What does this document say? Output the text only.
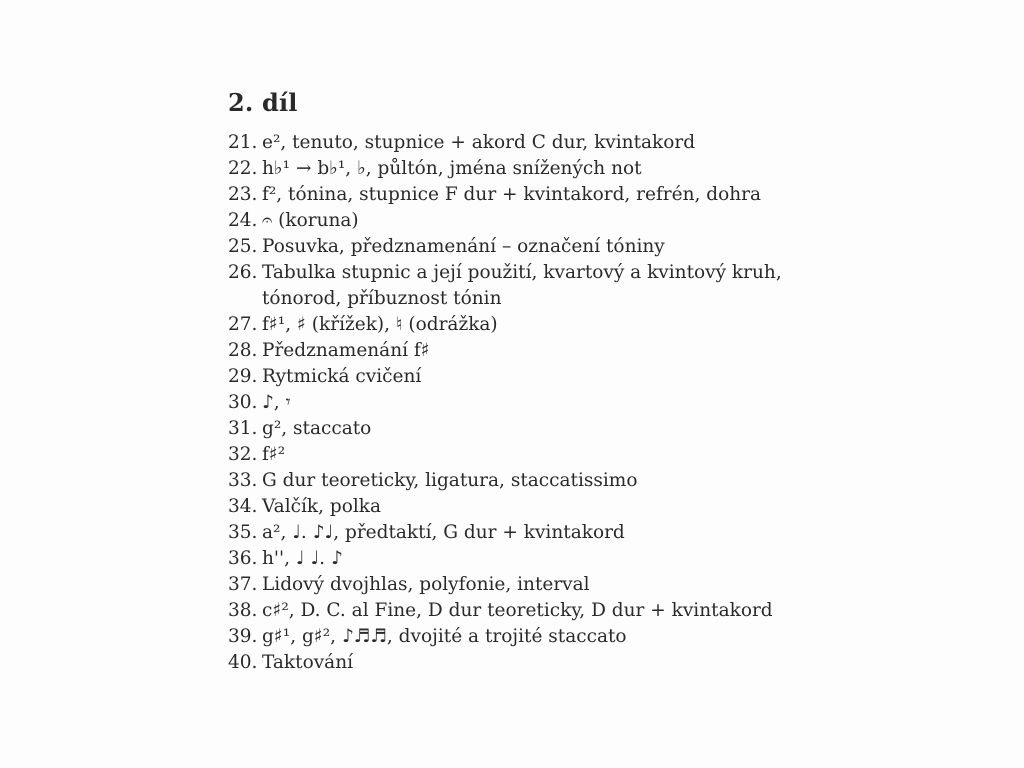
2. díl
21. e², tenuto, stupnice + akord C dur, kvintakord
22. h♭¹ → b♭¹, ♭, půltón, jména snížených not
23. f², tónina, stupnice F dur + kvintakord, refrén, dohra
24. 𝄐 (koruna)
25. Posuvka, předznamenání – označení tóniny
26. Tabulka stupnic a její použití, kvartový a kvintový kruh, tónorod, příbuznost tónin
27. f♯¹, ♯ (křížek), ♮ (odrážka)
28. Předznamenání f♯
29. Rytmická cvičení
30. ♪, 𝄾
31. g², staccato
32. f♯²
33. G dur teoreticky, ligatura, staccatissimo
34. Valčík, polka
35. a², ♩. ♪♩, předtaktí, G dur + kvintakord
36. h'', ♩ ♩. ♪
37. Lidový dvojhlas, polyfonie, interval
38. c♯², D. C. al Fine, D dur teoreticky, D dur + kvintakord
39. g♯¹, g♯², ♪♬♬, dvojité a trojité staccato
40. Taktování
